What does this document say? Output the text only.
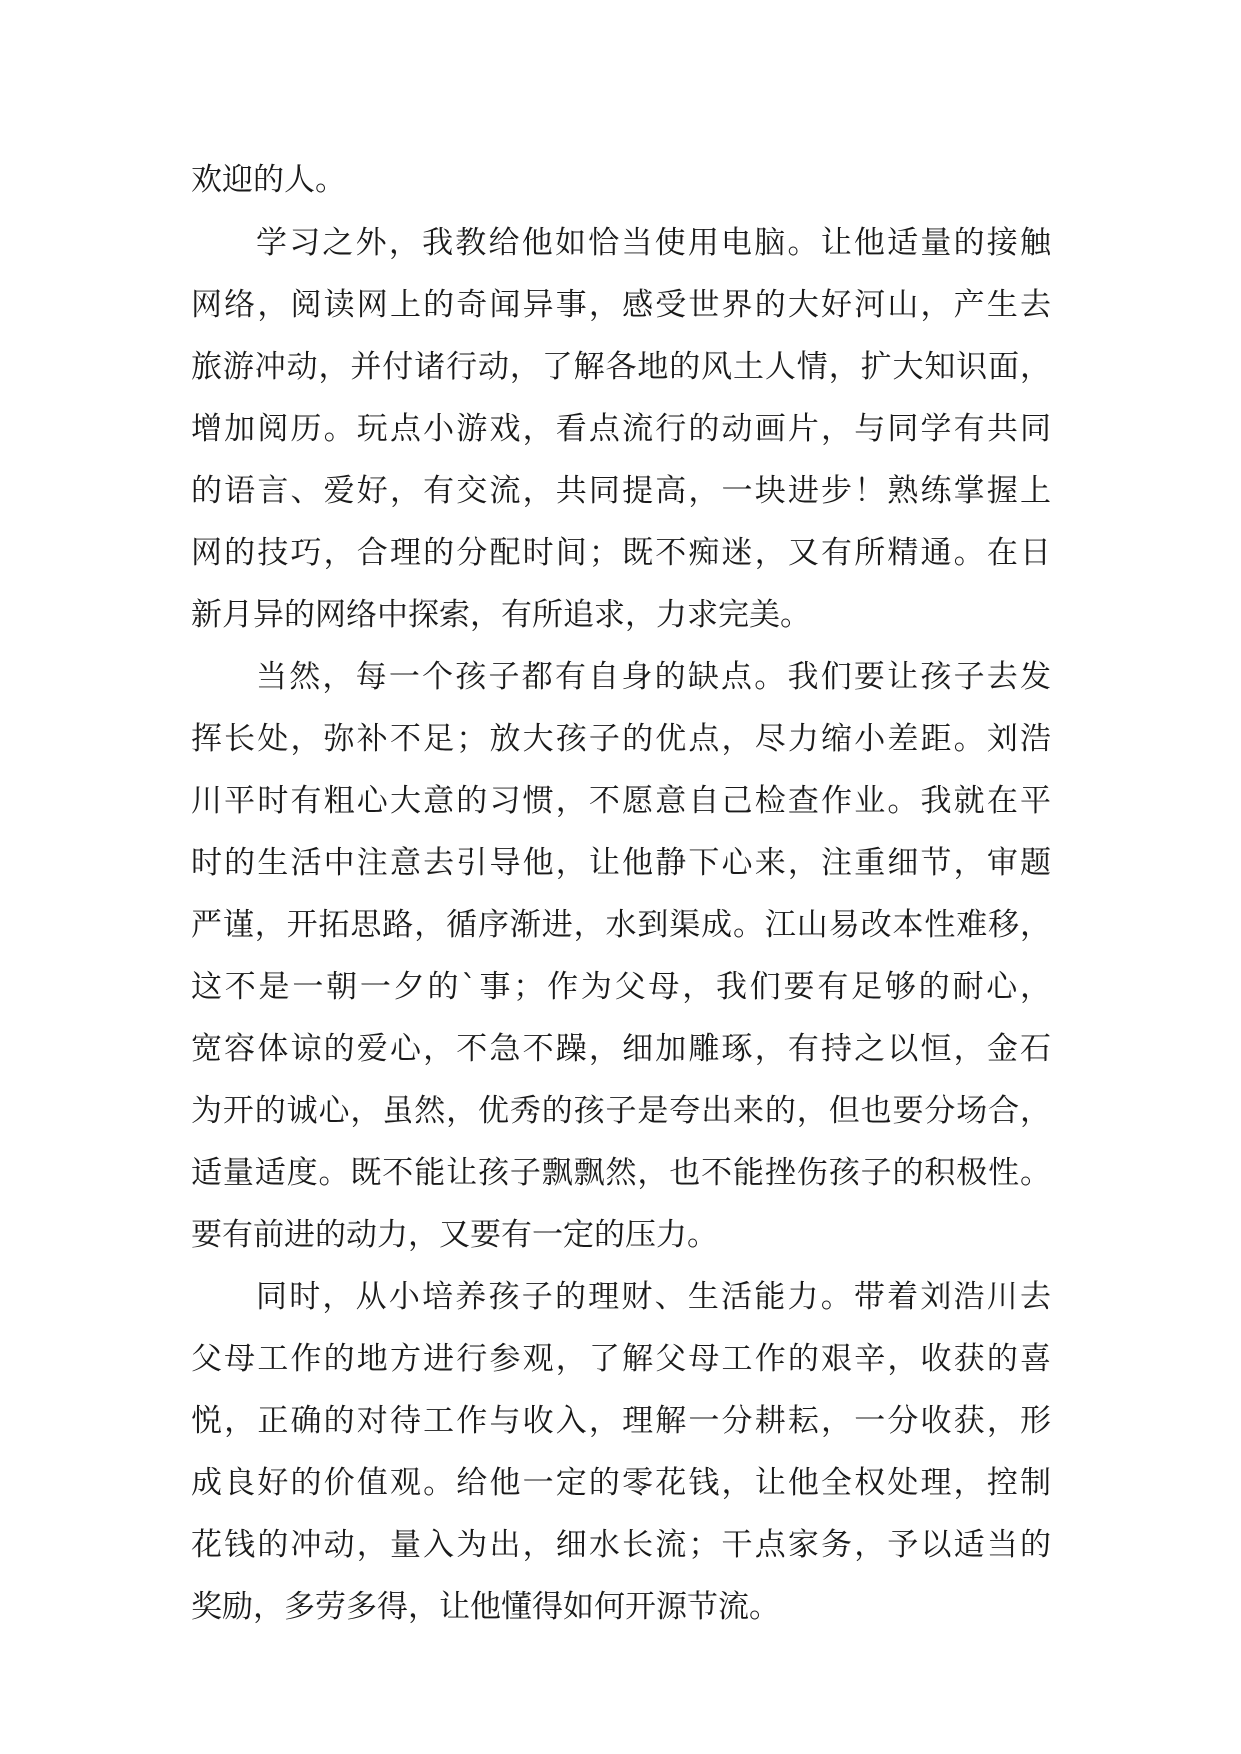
欢迎的人。

学习之外，我教给他如恰当使用电脑。让他适量的接触

网络，阅读网上的奇闻异事，感受世界的大好河山，产生去

旅游冲动，并付诸行动，了解各地的风土人情，扩大知识面，

增加阅历。玩点小游戏，看点流行的动画片，与同学有共同

的语言、爱好，有交流，共同提高，一块进步！熟练掌握上

网的技巧，合理的分配时间；既不痴迷，又有所精通。在日

新月异的网络中探索，有所追求，力求完美。

当然，每一个孩子都有自身的缺点。我们要让孩子去发

挥长处，弥补不足；放大孩子的优点，尽力缩小差距。刘浩

川平时有粗心大意的习惯，不愿意自己检查作业。我就在平

时的生活中注意去引导他，让他静下心来，注重细节，审题

严谨，开拓思路，循序渐进，水到渠成。江山易改本性难移，

这不是一朝一夕的`事；作为父母，我们要有足够的耐心，

宽容体谅的爱心，不急不躁，细加雕琢，有持之以恒，金石

为开的诚心，虽然，优秀的孩子是夸出来的，但也要分场合，

适量适度。既不能让孩子飘飘然，也不能挫伤孩子的积极性。

要有前进的动力，又要有一定的压力。

同时，从小培养孩子的理财、生活能力。带着刘浩川去

父母工作的地方进行参观，了解父母工作的艰辛，收获的喜

悦，正确的对待工作与收入，理解一分耕耘，一分收获，形

成良好的价值观。给他一定的零花钱，让他全权处理，控制

花钱的冲动，量入为出，细水长流；干点家务，予以适当的

奖励，多劳多得，让他懂得如何开源节流。
